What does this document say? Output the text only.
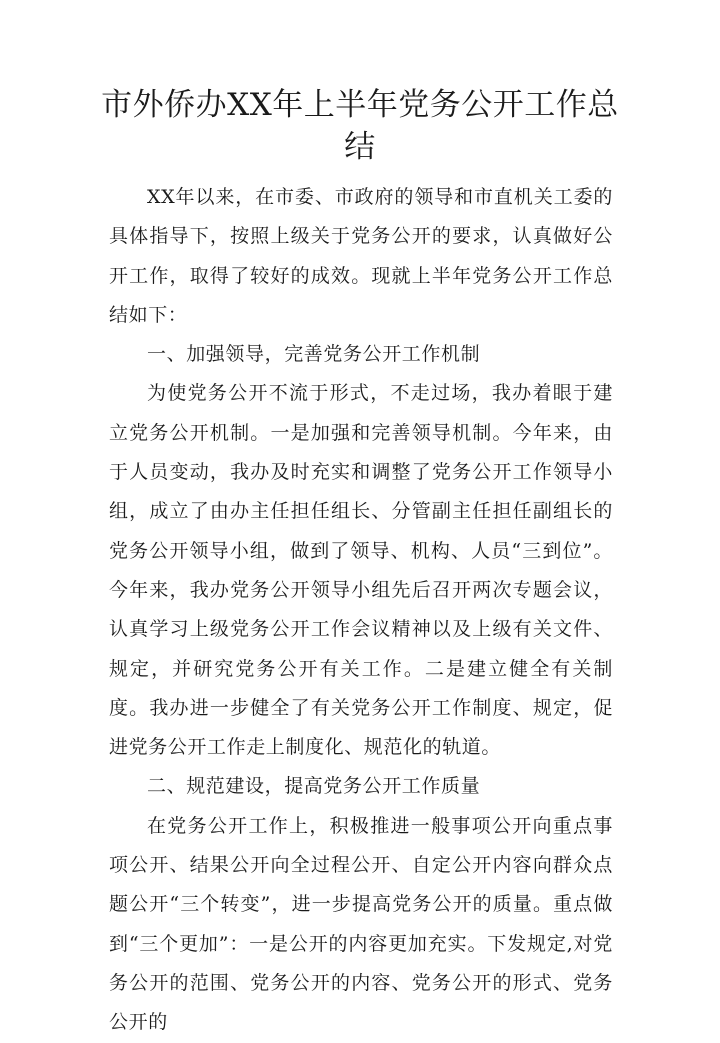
市外侨办XX年上半年党务公开工作总结

XX年以来，在市委、市政府的领导和市直机关工委的具体指导下，按照上级关于党务公开的要求，认真做好公开工作，取得了较好的成效。现就上半年党务公开工作总结如下：

一、加强领导，完善党务公开工作机制

为使党务公开不流于形式，不走过场，我办着眼于建立党务公开机制。一是加强和完善领导机制。今年来，由于人员变动，我办及时充实和调整了党务公开工作领导小组，成立了由办主任担任组长、分管副主任担任副组长的党务公开领导小组，做到了领导、机构、人员“三到位”。今年来，我办党务公开领导小组先后召开两次专题会议，认真学习上级党务公开工作会议精神以及上级有关文件、规定，并研究党务公开有关工作。二是建立健全有关制度。我办进一步健全了有关党务公开工作制度、规定，促进党务公开工作走上制度化、规范化的轨道。

二、规范建设，提高党务公开工作质量

在党务公开工作上，积极推进一般事项公开向重点事项公开、结果公开向全过程公开、自定公开内容向群众点题公开“三个转变”，进一步提高党务公开的质量。重点做到“三个更加”：一是公开的内容更加充实。下发规定,对党务公开的范围、党务公开的内容、党务公开的形式、党务公开的
